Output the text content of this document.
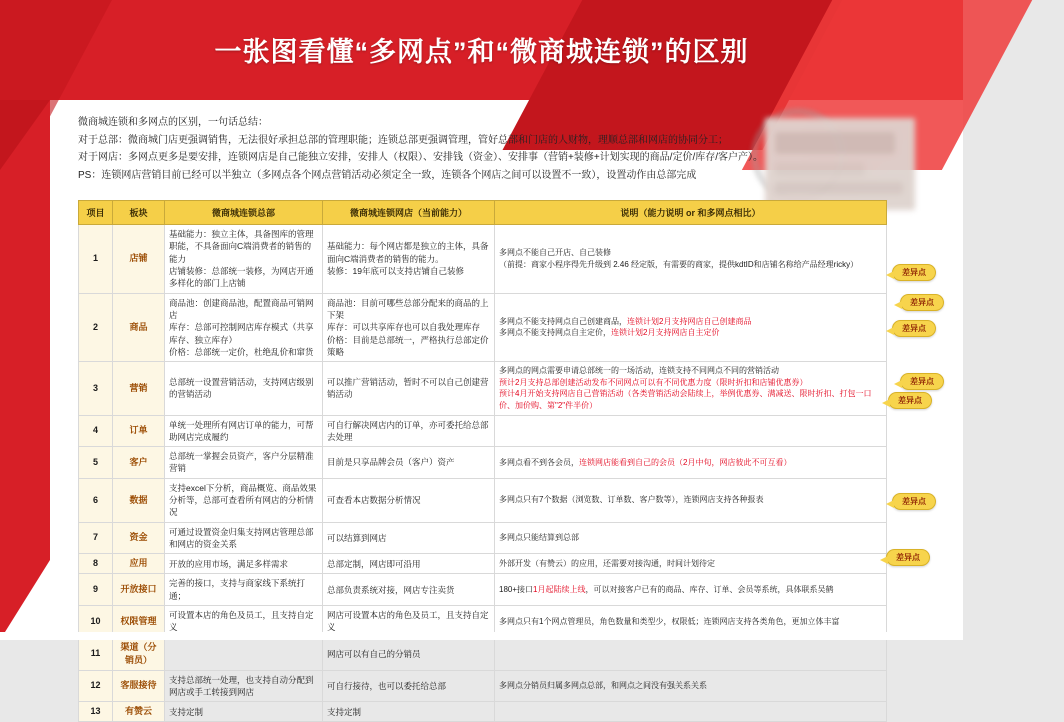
一张图看懂“多网点”和“微商城连锁”的区别

微商城连锁和多网点的区别，一句话总结：

对于总部：微商城门店更强调销售，无法很好承担总部的管理职能；连锁总部更强调管理，管好总部和门店的人财物，理顺总部和网店的协同分工；

对于网店：多网点更多是要安排，连锁网店是自己能独立安排，安排人（权限）、安排钱（资金）、安排事（营销+装修+计划实现的商品/定价/库存/客户产）。

PS：连锁网店营销目前已经可以半独立（多网点各个网点营销活动必须定全一致，连锁各个网店之间可以设置不一致），设置动作由总部完成

项目	板块	微商城连锁总部	微商城连锁网店（当前能力）	说明（能力说明 or 和多网点相比）
1	店铺	基础能力：独立主体，具备图库的管理职能，不具备面向C端消费者的销售的能力
店铺装修：总部统一装修，为网店开通多样化的部门上店铺	基础能力：每个网店都是独立的主体，具备面向C端消费者的销售的能力。
装修：19年底可以支持店铺自己装修	多网点不能自己开店、自己装修
（前提：商家小程序得先升级到 2.46 经定版，有需要的商家，提供kdtID和店铺名称给产品经理ricky）

2	商品	商品池：创建商品池，配置商品可销网店
库存：总部可控制网店库存模式（共享库存、独立库存）
价格：总部统一定价，杜绝乱价和窜货	商品池：目前可哪些总部分配来的商品的上下架
库存：可以共享库存也可以自我处理库存
价格：目前是总部统一，严格执行总部定价策略	多网点不能支持网点自己创建商品，连锁计划2月支持网店自己创建商品
多网点不能支持网点自主定价，连锁计划2月支持网店自主定价

3	营销	总部统一设置营销活动，支持网店级别的营销活动	可以推广营销活动，暂时不可以自己创建营销活动	多网点的网点需要申请总部统一的一场活动，连锁支持不同网点不同的营销活动
预计2月支持总部创建活动发布不同网点可以有不同优惠力度（限时折扣和店铺优惠券）
预计4月开始支持网店自己营销活动（各类营销活动会陆续上，举例优惠券、满减送、限时折扣、打包一口价、加价购、第"2"件半价）

4	订单	单统一处理所有网店订单的能力，可帮助网店完成履约	可自行解决网店内的订单，亦可委托给总部去处理	

5	客户	总部统一掌握会员资产，客户分层精准营销	目前是只享品牌会员（客户）资产	多网点看不到各会员，连锁网店能看到自己的会员（2月中旬，网店彼此不可互看）

6	数据	支持excel下分析，商品概览、商品效果分析等，总部可查看所有网店的分析情况	可查看本店数据分析情况	多网点只有7个数据（浏览数、订单数、客户数等），连锁网店支持各种报表

7	资金	可通过设置资金归集支持网店管理总部和网店的资金关系	可以结算到网店	多网点只能结算到总部

8	应用	开放的应用市场，满足多样需求	总部定制，网店即可沿用	外部开发（有赞云）的应用，还需要对接沟通，时间计划待定

9	开放接口	完善的接口，支持与商家线下系统打通；	总部负责系统对接，网店专注卖货	180+接口1月起陆续上线，可以对接客户已有的商品、库存、订单、会员等系统，具体联系吴鹤

10	权限管理	可设置本店的角色及员工，且支持自定义	网店可设置本店的角色及员工，且支持自定义	多网点只有1个网点管理员，角色数量和类型少，权限低；连锁网店支持各类角色，更加立体丰富

11	渠道（分销员）		网店可以有自己的分销员	

12	客服接待	支持总部统一处理，也支持自动分配到网店或手工转接到网店	可自行接待，也可以委托给总部	多网点分销员归属多网点总部，和网点之间没有强关系关系

13	有赞云	支持定制	支持定制	

差异点
差异点
差异点
差异点
差异点
差异点
差异点
